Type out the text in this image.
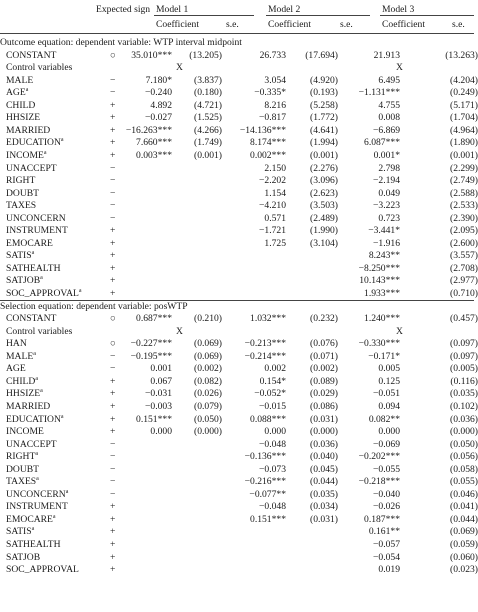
Expected sign Model 1	Model 2	Model 3
Coefficient	s.e.	Coefficient	s.e.	Coefficient	s.e.
Outcome equation: dependent variable: WTP interval midpoint
CONSTANT	○ 35.010*** (13.205)	26.733 (17.694)	21.913	(13.263)
Control variables	X	X
MALE	−	7.180* (3.837)	3.054	(4.920)	6.495	(4.204)
$AGE^a$	−	−0.240 (0.180)	−0.335*	(0.193) −1.131***	(0.249)
CHILD	+	4.892 (4.721)	8.216	(5.258)	4.755	(5.171)
HHSIZE	+	−0.027 (1.525)	−0.817	(1.772)	0.008	(1.704)
MARRIED	+ −16.263*** (4.266) −14.136***	(4.641)	−6.869	(4.964)
$EDUCATION^a$	+ 7.660*** (1.749)	8.174***	(1.994)	6.087***	(1.890)
$INCOME^a$	+ 0.003*** (0.001)	0.002***	(0.001)	0.001*	(0.001)
UNACCEPT	−	2.150	(2.276)	2.798	(2.299)
RIGHT	−	−2.202	(3.096)	−2.194	(2.749)
DOUBT	−	1.154	(2.623)	0.049	(2.588)
TAXES	−	−4.210	(3.503)	−3.223	(2.533)
UNCONCERN	−	0.571	(2.489)	0.723	(2.390)
INSTRUMENT	+	−1.721	(1.990)	−3.441*	(2.095)
EMOCARE	+	1.725	(3.104)	−1.916	(2.600)
$SATIS^a$	+	8.243**	(3.557)
SATHEALTH	+	−8.250***	(2.708)
$SATJOB^a$	+	10.143***	(2.977)
$SOC\_APPROVAL^a$	+	1.933***	(0.710)
Selection equation: dependent variable: posWTP
CONSTANT	○ 0.687*** (0.210)	1.032***	(0.232)	1.240***	(0.457)
Control variables	X	X
HAN	○ −0.227*** (0.069) −0.213***	(0.076) −0.330***	(0.097)
$MALE^a$	− −0.195*** (0.069) −0.214***	(0.071)	−0.171*	(0.097)
AGE	−	0.001 (0.002)	0.002	(0.002)	0.005	(0.005)
$CHILD^a$	+	0.067 (0.082)	0.154*	(0.089)	0.125	(0.116)
$HHSIZE^a$	+	−0.031 (0.026)	−0.052*	(0.029)	−0.051	(0.035)
MARRIED	+	−0.003 (0.079)	−0.015	(0.086)	0.094	(0.102)
$EDUCATION^a$	+ 0.151*** (0.050)	0.088***	(0.031)	0.082**	(0.036)
INCOME	+	0.000 (0.000)	0.000	(0.000)	0.000	(0.000)
UNACCEPT	−	−0.048	(0.036)	−0.069	(0.050)
$RIGHT^a$	−	−0.136***	(0.040) −0.202***	(0.056)
DOUBT	−	−0.073	(0.045)	−0.055	(0.058)
$TAXES^a$	−	−0.216***	(0.044) −0.218***	(0.055)
$UNCONCERN^a$	−	−0.077**	(0.035)	−0.040	(0.046)
INSTRUMENT	+	−0.048	(0.034)	−0.026	(0.041)
$EMOCARE^a$	+	0.151***	(0.031)	0.187***	(0.044)
$SATIS^a$	+	0.161**	(0.069)
SATHEALTH	+	−0.057	(0.059)
SATJOB	+	−0.054	(0.060)
SOC_APPROVAL	+	0.019	(0.023)
